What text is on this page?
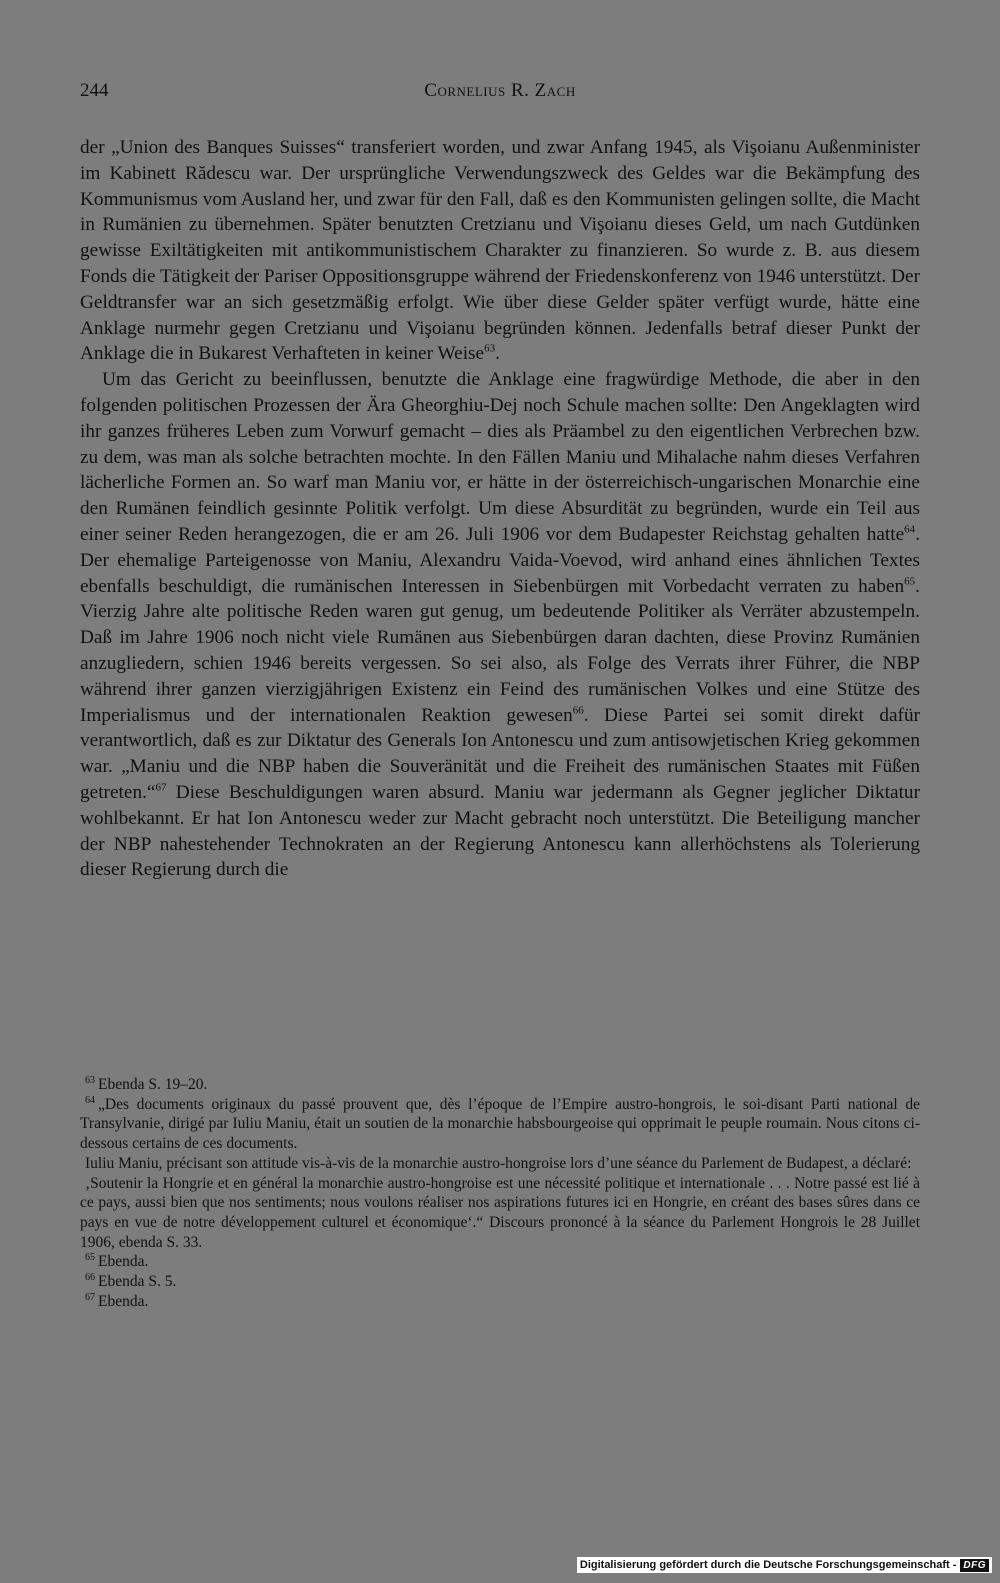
244	Cornelius R. Zach

der „Union des Banques Suisses“ transferiert worden, und zwar Anfang 1945, als Vişoianu Außenminister im Kabinett Rădescu war. Der ursprüngliche Verwendungszweck des Geldes war die Bekämpfung des Kommunismus vom Ausland her, und zwar für den Fall, daß es den Kommunisten gelingen sollte, die Macht in Rumänien zu übernehmen. Später benutzten Cretzianu und Vişoianu dieses Geld, um nach Gutdünken gewisse Exiltätigkeiten mit antikommunistischem Charakter zu finanzieren. So wurde z. B. aus diesem Fonds die Tätigkeit der Pariser Oppositionsgruppe während der Friedenskonferenz von 1946 unterstützt. Der Geldtransfer war an sich gesetzmäßig erfolgt. Wie über diese Gelder später verfügt wurde, hätte eine Anklage nurmehr gegen Cretzianu und Vişoianu begründen können. Jedenfalls betraf dieser Punkt der Anklage die in Bukarest Verhafteten in keiner Weise$^{63}$.

Um das Gericht zu beeinflussen, benutzte die Anklage eine fragwürdige Methode, die aber in den folgenden politischen Prozessen der Ära Gheorghiu-Dej noch Schule machen sollte: Den Angeklagten wird ihr ganzes früheres Leben zum Vorwurf gemacht – dies als Präambel zu den eigentlichen Verbrechen bzw. zu dem, was man als solche betrachten mochte. In den Fällen Maniu und Mihalache nahm dieses Verfahren lächerliche Formen an. So warf man Maniu vor, er hätte in der österreichisch-ungarischen Monarchie eine den Rumänen feindlich gesinnte Politik verfolgt. Um diese Absurdität zu begründen, wurde ein Teil aus einer seiner Reden herangezogen, die er am 26. Juli 1906 vor dem Budapester Reichstag gehalten hatte$^{64}$. Der ehemalige Parteigenosse von Maniu, Alexandru Vaida-Voevod, wird anhand eines ähnlichen Textes ebenfalls beschuldigt, die rumänischen Interessen in Siebenbürgen mit Vorbedacht verraten zu haben$^{65}$. Vierzig Jahre alte politische Reden waren gut genug, um bedeutende Politiker als Verräter abzustempeln. Daß im Jahre 1906 noch nicht viele Rumänen aus Siebenbürgen daran dachten, diese Provinz Rumänien anzugliedern, schien 1946 bereits vergessen. So sei also, als Folge des Verrats ihrer Führer, die NBP während ihrer ganzen vierzigjährigen Existenz ein Feind des rumänischen Volkes und eine Stütze des Imperialismus und der internationalen Reaktion gewesen$^{66}$. Diese Partei sei somit direkt dafür verantwortlich, daß es zur Diktatur des Generals Ion Antonescu und zum antisowjetischen Krieg gekommen war. „Maniu und die NBP haben die Souveränität und die Freiheit des rumänischen Staates mit Füßen getreten.“$^{67}$ Diese Beschuldigungen waren absurd. Maniu war jedermann als Gegner jeglicher Diktatur wohlbekannt. Er hat Ion Antonescu weder zur Macht gebracht noch unterstützt. Die Beteiligung mancher der NBP nahestehender Technokraten an der Regierung Antonescu kann allerhöchstens als Tolerierung dieser Regierung durch die

$^{63}$ Ebenda S. 19–20.

$^{64}$ „Des documents originaux du passé prouvent que, dès l’époque de l’Empire austro-hongrois, le soi-disant Parti national de Transylvanie, dirigé par Iuliu Maniu, était un soutien de la monarchie habsbourgeoise qui opprimait le peuple roumain. Nous citons ci-dessous certains de ces documents.

Iuliu Maniu, précisant son attitude vis-à-vis de la monarchie austro-hongroise lors d’une séance du Parlement de Budapest, a déclaré:

‚Soutenir la Hongrie et en général la monarchie austro-hongroise est une nécessité politique et internationale . . . Notre passé est lié à ce pays, aussi bien que nos sentiments; nous voulons réaliser nos aspirations futures ici en Hongrie, en créant des bases sûres dans ce pays en vue de notre développement culturel et économique‘.“ Discours prononcé à la séance du Parlement Hongrois le 28 Juillet 1906, ebenda S. 33.

$^{65}$ Ebenda.

$^{66}$ Ebenda S. 5.

$^{67}$ Ebenda.

Digitalisierung gefördert durch die Deutsche Forschungsgemeinschaft - DFG
